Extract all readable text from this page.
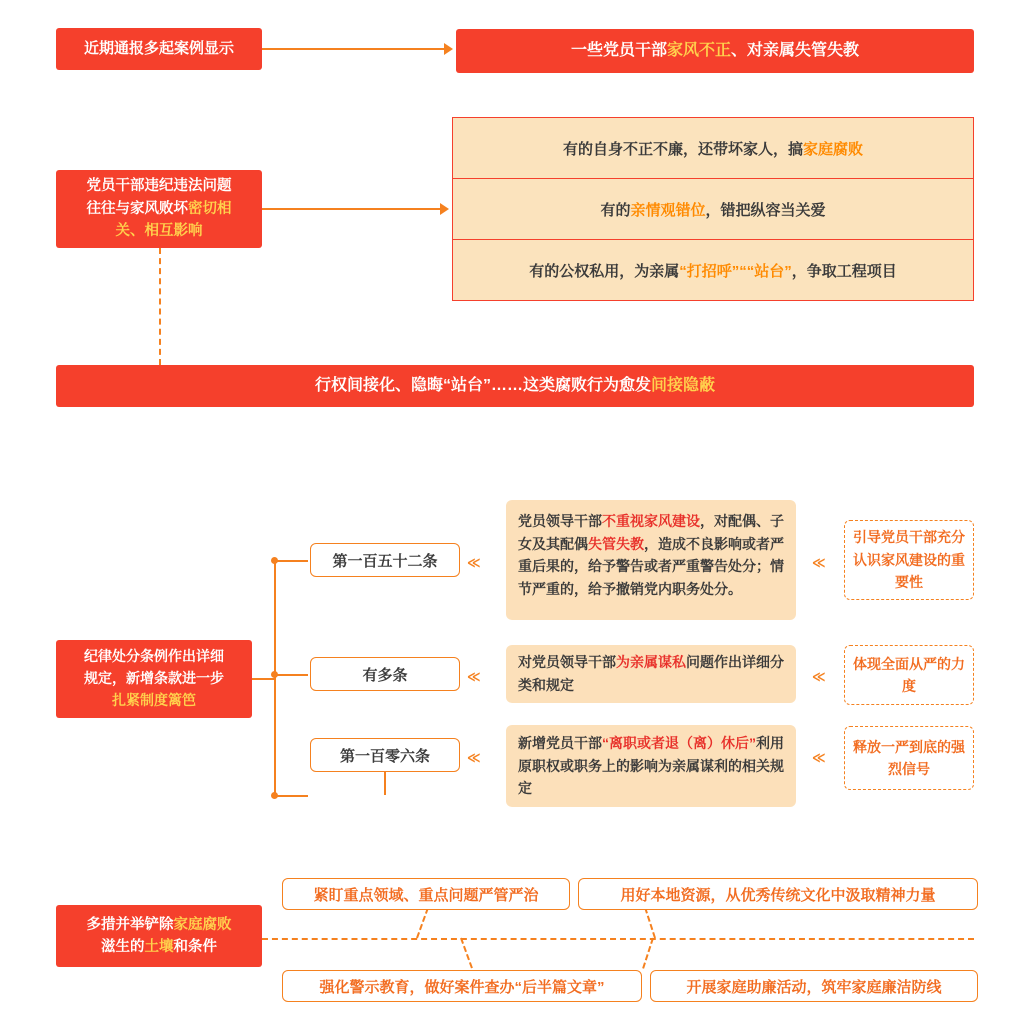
近期通报多起案例显示	一些党员干部家风不正、对亲属失管失教
党员干部违纪违法问题
往往与家风败坏密切相
关、相互影响
有的自身不正不廉，还带坏家人，搞家庭腐败
有的亲情观错位，错把纵容当关爱
有的公权私用，为亲属“打招呼”““站台”，争取工程项目
行权间接化、隐晦“站台”……这类腐败行为愈发间接隐蔽
纪律处分条例作出详细
规定，新增条款进一步
扎紧制度篱笆
第一百五十二条 ≪
党员领导干部不重视家风建设，对配偶、子女及其配偶失管失教，造成不良影响或者严重后果的，给予警告或者严重警告处分；情节严重的，给予撤销党内职务处分。
≪
引导党员干部充分认识家风建设的重要性
有多条	≪
对党员领导干部为亲属谋私问题作出详细分类和规定
≪
体现全面从严的力度
第一百零六条	≪
新增党员干部“离职或者退（离）休后”利用原职权或职务上的影响为亲属谋利的相关规定
≪
释放一严到底的强烈信号
多措并举铲除家庭腐败
滋生的土壤和条件
紧盯重点领域、重点问题严管严治	用好本地资源，从优秀传统文化中汲取精神力量
强化警示教育，做好案件查办“后半篇文章”	开展家庭助廉活动，筑牢家庭廉洁防线
